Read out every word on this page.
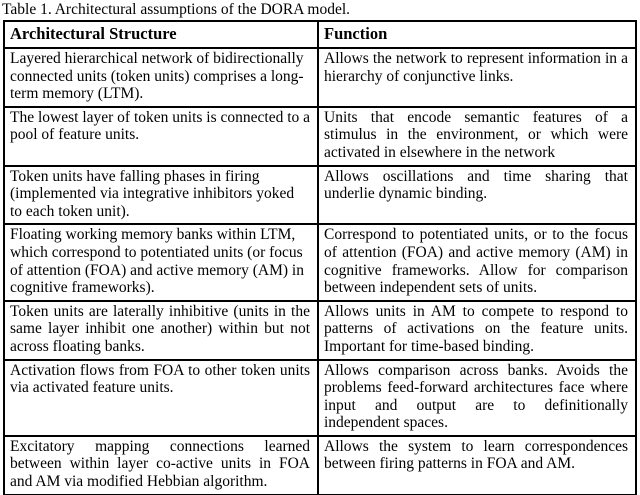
Table 1. Architectural assumptions of the DORA model.
Architectural Structure	Function
Layered hierarchical network of bidirectionally connected units (token units) comprises a long-term memory (LTM).	Allows the network to represent information in a hierarchy of conjunctive links.
The lowest layer of token units is connected to a pool of feature units.	Units that encode semantic features of a stimulus in the environment, or which were activated in elsewhere in the network
Token units have falling phases in firing (implemented via integrative inhibitors yoked to each token unit).	Allows oscillations and time sharing that underlie dynamic binding.
Floating working memory banks within LTM, which correspond to potentiated units (or focus of attention (FOA) and active memory (AM) in cognitive frameworks).	Correspond to potentiated units, or to the focus of attention (FOA) and active memory (AM) in cognitive frameworks. Allow for comparison between independent sets of units.
Token units are laterally inhibitive (units in the same layer inhibit one another) within but not across floating banks.	Allows units in AM to compete to respond to patterns of activations on the feature units. Important for time-based binding.
Activation flows from FOA to other token units via activated feature units.	Allows comparison across banks. Avoids the problems feed-forward architectures face where input and output are to definitionally independent spaces.
Excitatory mapping connections learned between within layer co-active units in FOA and AM via modified Hebbian algorithm.	Allows the system to learn correspondences between firing patterns in FOA and AM.
